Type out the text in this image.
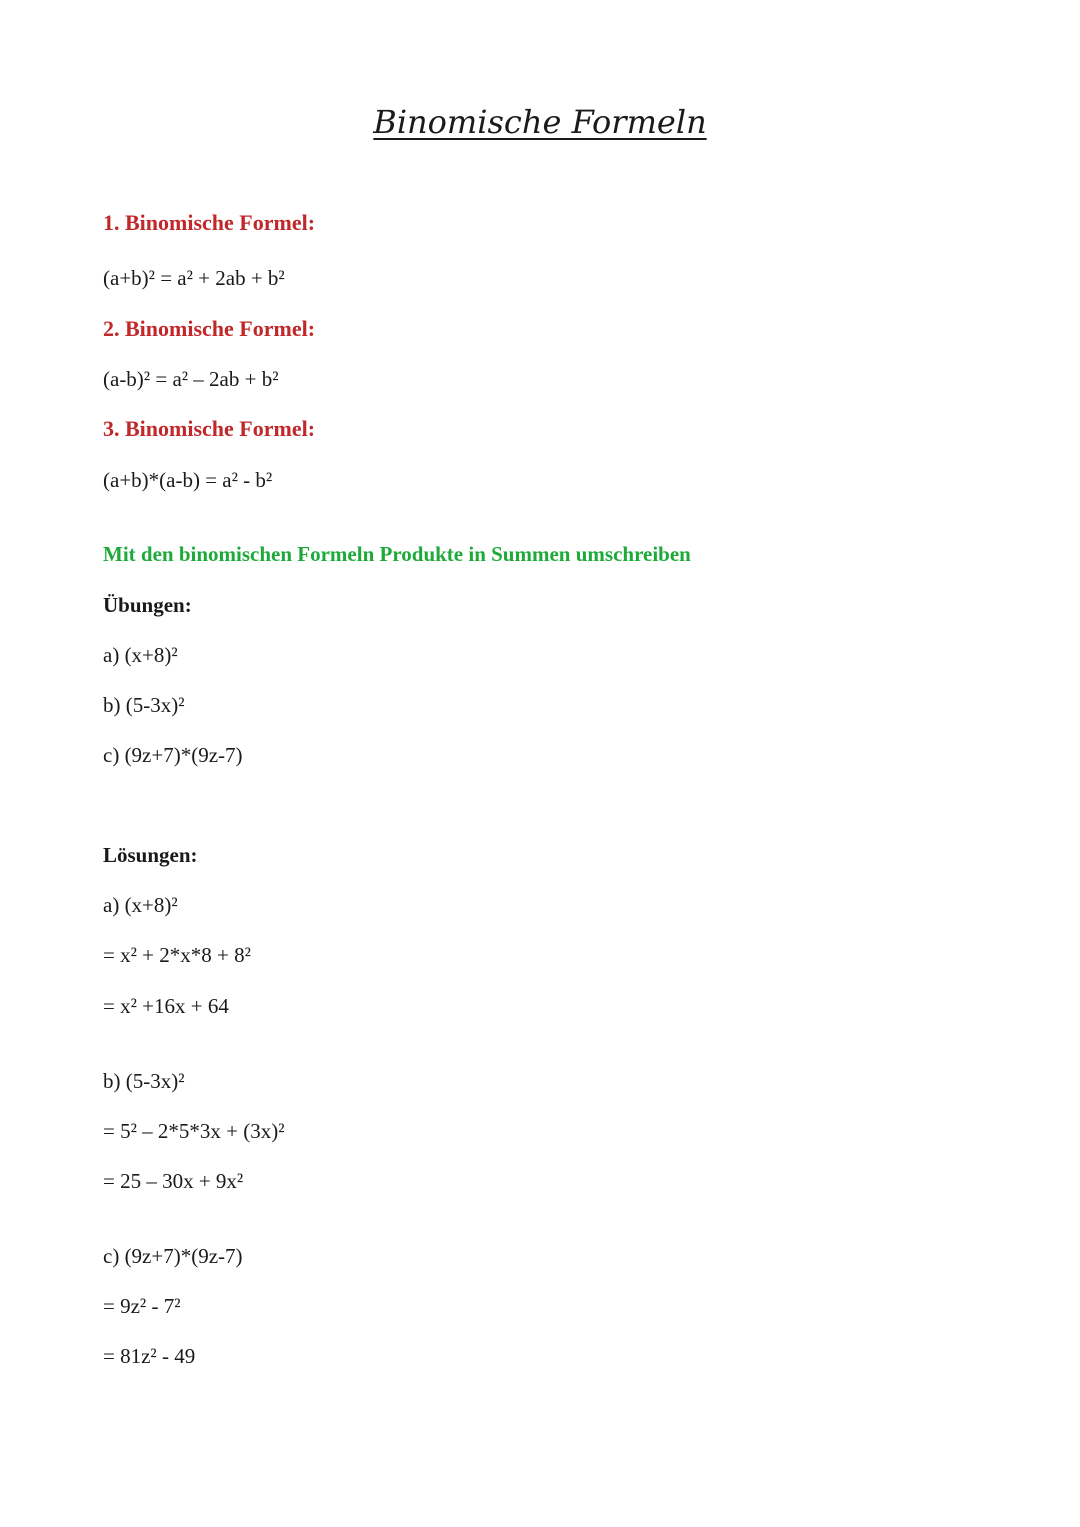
Binomische Formeln
1. Binomische Formel:
(a+b)² = a² + 2ab + b²
2. Binomische Formel:
(a-b)² = a² – 2ab + b²
3. Binomische Formel:
(a+b)*(a-b) = a² - b²
Mit den binomischen Formeln Produkte in Summen umschreiben
Übungen:
a) (x+8)²
b) (5-3x)²
c) (9z+7)*(9z-7)
Lösungen:
a) (x+8)²
= x² + 2*x*8 + 8²
= x² +16x + 64
b) (5-3x)²
= 5² – 2*5*3x + (3x)²
= 25 – 30x + 9x²
c) (9z+7)*(9z-7)
= 9z² - 7²
= 81z² - 49
